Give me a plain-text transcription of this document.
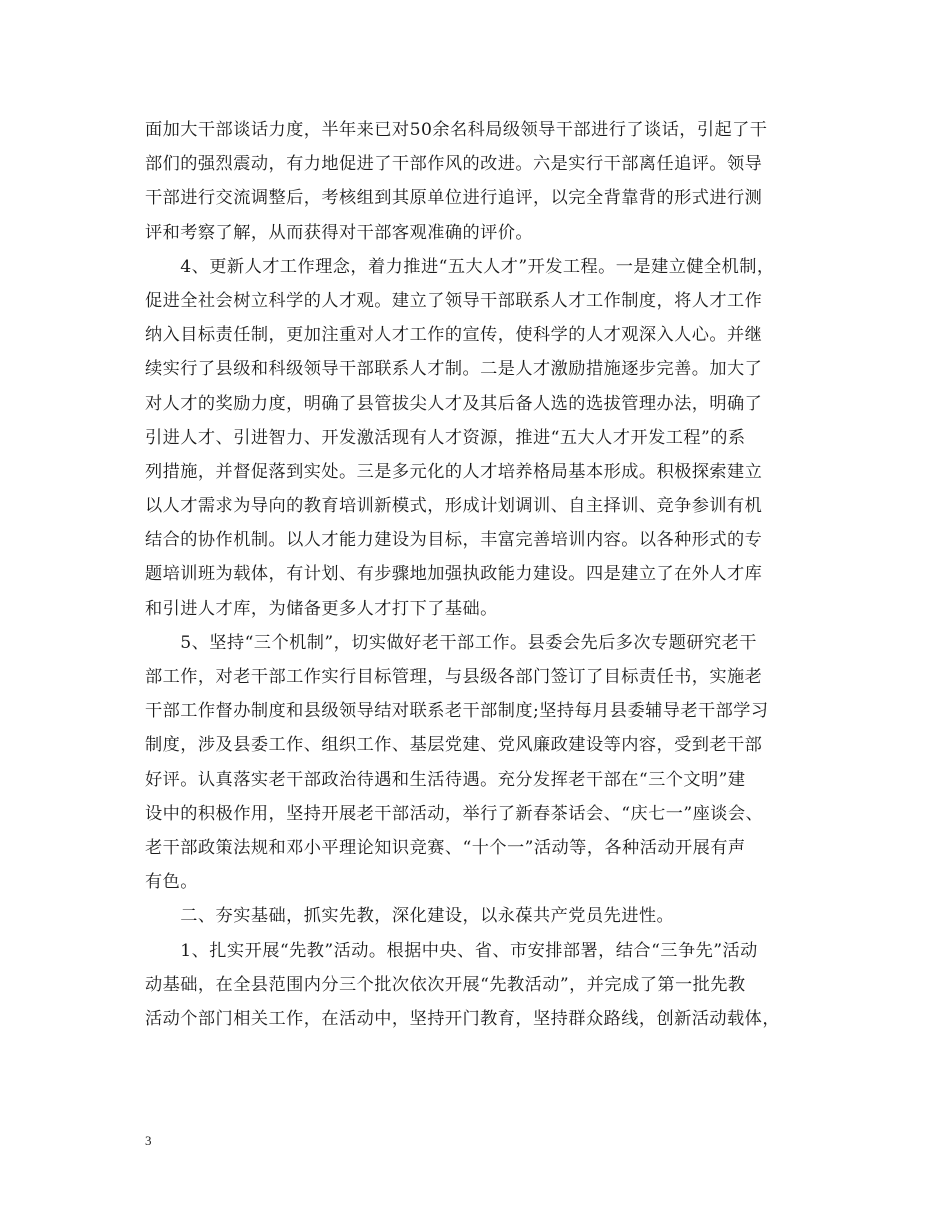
面加大干部谈话力度，半年来已对50余名科局级领导干部进行了谈话，引起了干
部们的强烈震动，有力地促进了干部作风的改进。六是实行干部离任追评。领导
干部进行交流调整后，考核组到其原单位进行追评，以完全背靠背的形式进行测
评和考察了解，从而获得对干部客观准确的评价。
　　4、更新人才工作理念，着力推进“五大人才”开发工程。一是建立健全机制，
促进全社会树立科学的人才观。建立了领导干部联系人才工作制度，将人才工作
纳入目标责任制，更加注重对人才工作的宣传，使科学的人才观深入人心。并继
续实行了县级和科级领导干部联系人才制。二是人才激励措施逐步完善。加大了
对人才的奖励力度，明确了县管拔尖人才及其后备人选的选拔管理办法，明确了
引进人才、引进智力、开发激活现有人才资源，推进“五大人才开发工程”的系
列措施，并督促落到实处。三是多元化的人才培养格局基本形成。积极探索建立
以人才需求为导向的教育培训新模式，形成计划调训、自主择训、竞争参训有机
结合的协作机制。以人才能力建设为目标，丰富完善培训内容。以各种形式的专
题培训班为载体，有计划、有步骤地加强执政能力建设。四是建立了在外人才库
和引进人才库，为储备更多人才打下了基础。
　　5、坚持“三个机制”，切实做好老干部工作。县委会先后多次专题研究老干
部工作，对老干部工作实行目标管理，与县级各部门签订了目标责任书，实施老
干部工作督办制度和县级领导结对联系老干部制度;坚持每月县委辅导老干部学习
制度，涉及县委工作、组织工作、基层党建、党风廉政建设等内容，受到老干部
好评。认真落实老干部政治待遇和生活待遇。充分发挥老干部在“三个文明”建
设中的积极作用，坚持开展老干部活动，举行了新春茶话会、“庆七一”座谈会、
老干部政策法规和邓小平理论知识竞赛、“十个一”活动等，各种活动开展有声
有色。
　　二、夯实基础，抓实先教，深化建设，以永葆共产党员先进性。
　　1、扎实开展“先教”活动。根据中央、省、市安排部署，结合“三争先”活动
动基础，在全县范围内分三个批次依次开展“先教活动”，并完成了第一批先教
活动个部门相关工作，在活动中，坚持开门教育，坚持群众路线，创新活动载体，
3
